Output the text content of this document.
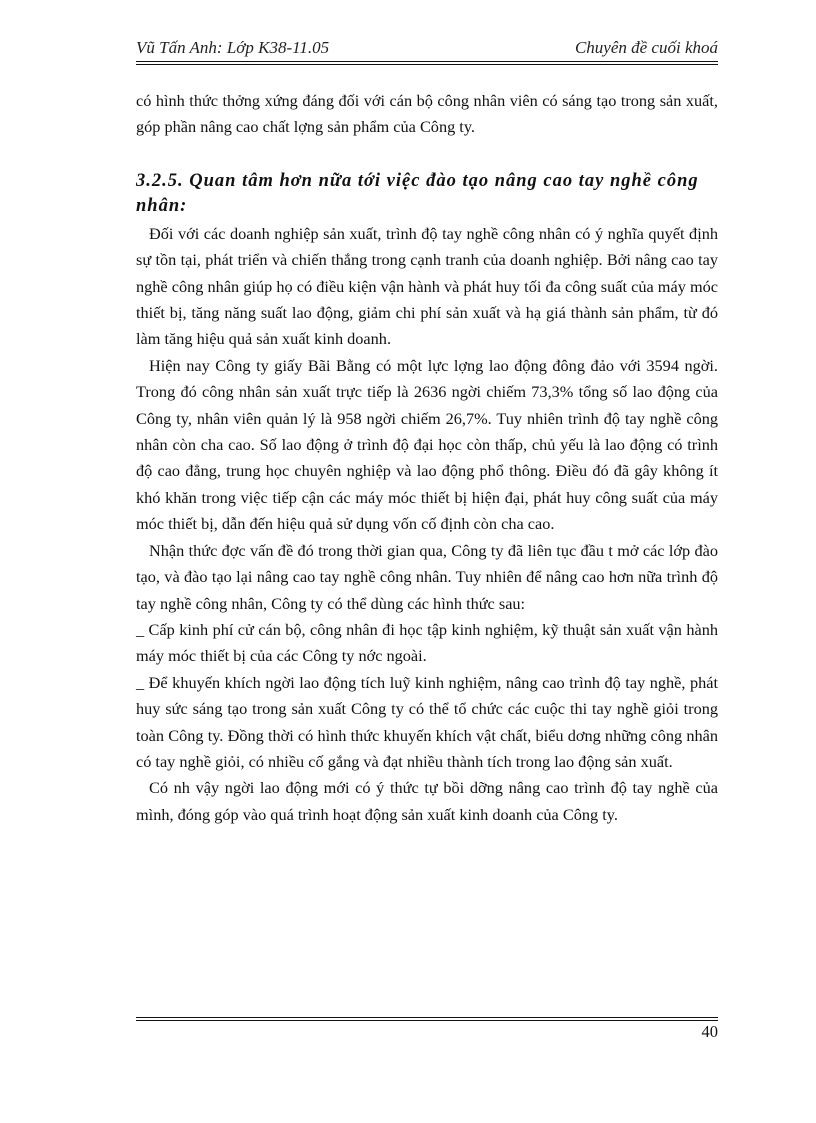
Vũ Tấn Anh: Lớp K38-11.05	Chuyên đề cuối khoá

có hình thức thởng xứng đáng đối với cán bộ công nhân viên có sáng tạo trong sản xuất, góp phần nâng cao chất lợng sản phẩm của Công ty.

3.2.5. Quan tâm hơn nữa tới việc đào tạo nâng cao tay nghề công nhân:

Đối với các doanh nghiệp sản xuất, trình độ tay nghề công nhân có ý nghĩa quyết định sự tồn tại, phát triển và chiến thắng trong cạnh tranh của doanh nghiệp. Bởi nâng cao tay nghề công nhân giúp họ có điều kiện vận hành và phát huy tối đa công suất của máy móc thiết bị, tăng năng suất lao động, giảm chi phí sản xuất và hạ giá thành sản phẩm, từ đó làm tăng hiệu quả sản xuất kinh doanh.

Hiện nay Công ty giấy Bãi Bằng có một lực lợng lao động đông đảo với 3594 ngời. Trong đó công nhân sản xuất trực tiếp là 2636 ngời chiếm 73,3% tổng số lao động của Công ty, nhân viên quản lý là 958 ngời chiếm 26,7%. Tuy nhiên trình độ tay nghề công nhân còn cha cao. Số lao động ở trình độ đại học còn thấp, chủ yếu là lao động có trình độ cao đẳng, trung học chuyên nghiệp và lao động phổ thông. Điều đó đã gây không ít khó khăn trong việc tiếp cận các máy móc thiết bị hiện đại, phát huy công suất của máy móc thiết bị, dẫn đến hiệu quả sử dụng vốn cố định còn cha cao.

Nhận thức đợc vấn đề đó trong thời gian qua, Công ty đã liên tục đầu t mở các lớp đào tạo, và đào tạo lại nâng cao tay nghề công nhân. Tuy nhiên để nâng cao hơn nữa trình độ tay nghề công nhân, Công ty có thể dùng các hình thức sau:

_ Cấp kinh phí cử cán bộ, công nhân đi học tập kinh nghiệm, kỹ thuật sản xuất vận hành máy móc thiết bị của các Công ty nớc ngoài.

_ Để khuyến khích ngời lao động tích luỹ kinh nghiệm, nâng cao trình độ tay nghề, phát huy sức sáng tạo trong sản xuất Công ty có thể tổ chức các cuộc thi tay nghề giỏi trong toàn Công ty. Đồng thời có hình thức khuyến khích vật chất, biểu dơng những công nhân có tay nghề giỏi, có nhiều cố gắng và đạt nhiều thành tích trong lao động sản xuất.

Có nh vậy ngời lao động mới có ý thức tự bồi dỡng nâng cao trình độ tay nghề của mình, đóng góp vào quá trình hoạt động sản xuất kinh doanh của Công ty.

40
